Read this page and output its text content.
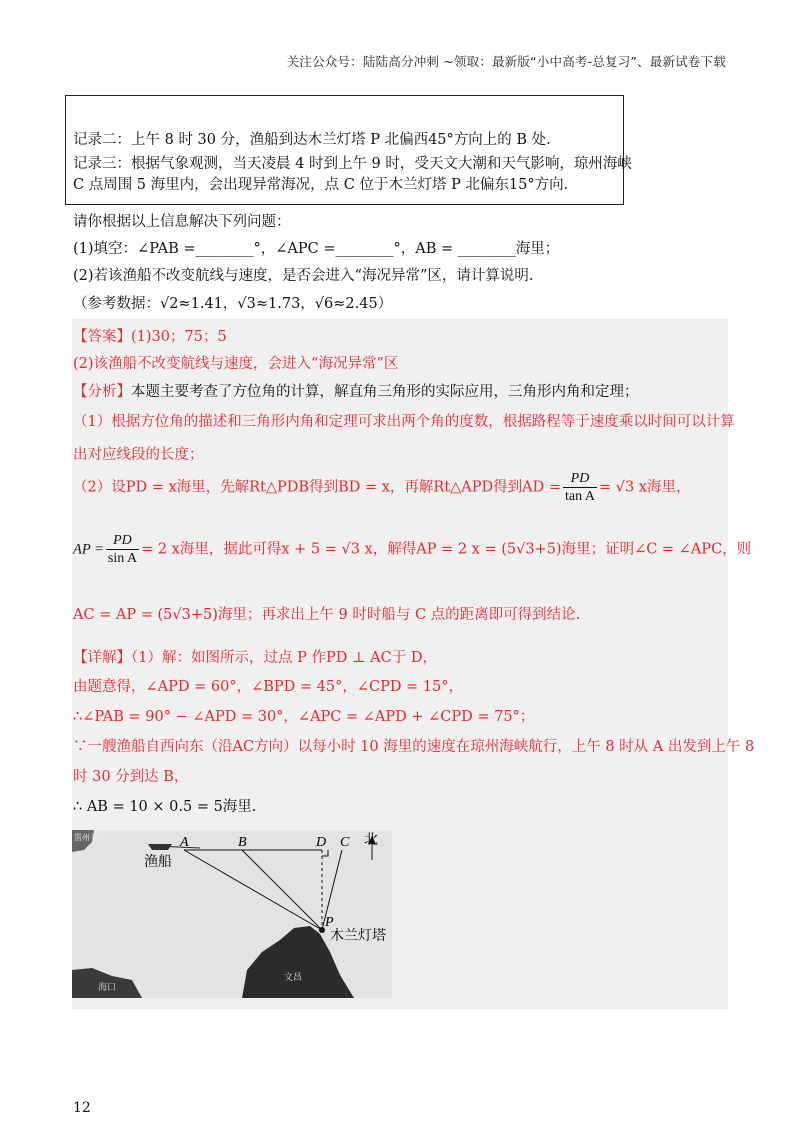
关注公众号：陆陆高分冲刺 ~领取：最新版“小中高考-总复习”、最新试卷下载
记录二：上午 8 时 30 分，渔船到达木兰灯塔 P 北偏西45°方向上的 B 处.
记录三：根据气象观测，当天凌晨 4 时到上午 9 时，受天文大潮和天气影响，琼州海峡
C 点周围 5 海里内，会出现异常海况，点 C 位于木兰灯塔 P 北偏东15°方向.
请你根据以上信息解决下列问题：
(1)填空：∠PAB =________°，∠APC =________°，AB = ________海里；
(2)若该渔船不改变航线与速度，是否会进入“海况异常”区，请计算说明.
（参考数据：√2≈1.41，√3≈1.73，√6≈2.45）
【答案】(1)30；75；5
(2)该渔船不改变航线与速度，会进入“海况异常”区
【分析】本题主要考查了方位角的计算，解直角三角形的实际应用，三角形内角和定理；
（1）根据方位角的描述和三角形内角和定理可求出两个角的度数，根据路程等于速度乘以时间可以计算
出对应线段的长度；
（2）设PD = x海里，先解Rt△PDB得到BD = x，再解Rt△APD得到AD = $\frac{PD}{\text{tan A}} = √3$ x海里，
AP = $\frac{PD}{\text{sin A}} = 2$ x海里，据此可得x + 5 = √3 x，解得AP = 2 x = (5√3+5)海里；证明∠C = ∠APC，则
AC = AP = (5√3+5)海里；再求出上午 9 时时船与 C 点的距离即可得到结论.
【详解】（1）解：如图所示，过点 P 作PD ⊥ AC于 D，
由题意得，∠APD = 60°，∠BPD = 45°，∠CPD = 15°，
∴∠PAB = 90° − ∠APD = 30°，∠APC = ∠APD + ∠CPD = 75°；
∵一艘渔船自西向东（沿AC方向）以每小时 10 海里的速度在琼州海峡航行，上午 8 时从 A 出发到上午 8
时 30 分到达 B，
∴ AB = 10 × 0.5 = 5海里.
A	B	D C
P
北
渔船
木兰灯塔
雷州半岛
文昌
海口
12
